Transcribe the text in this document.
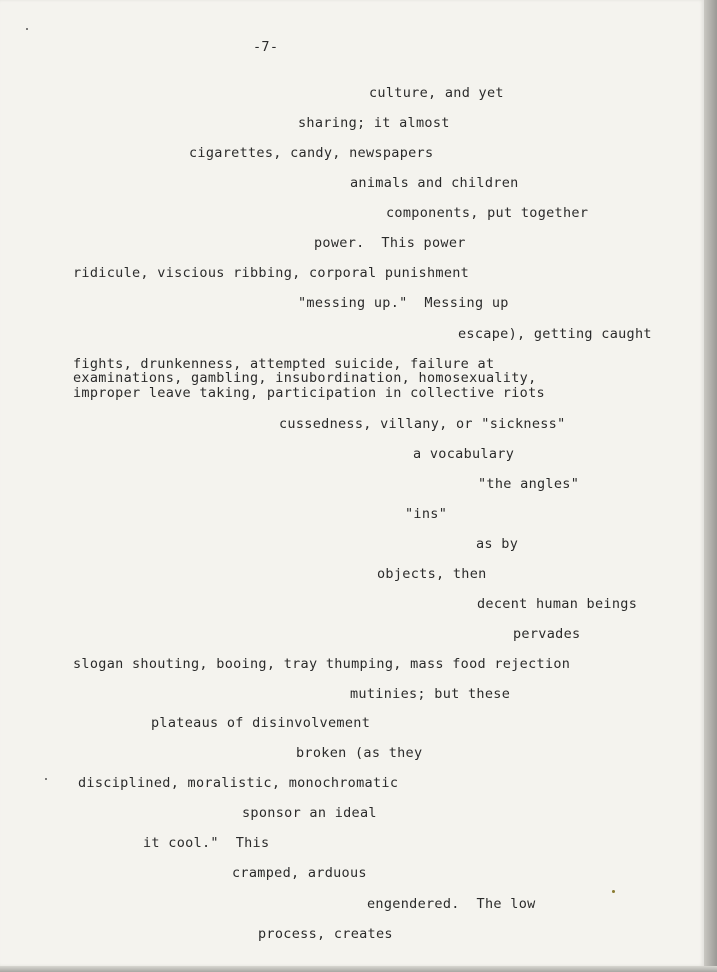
-7-
culture, and yet
sharing; it almost
cigarettes, candy, newspapers
animals and children
components, put together
power.  This power
ridicule, viscious ribbing, corporal punishment
"messing up."  Messing up
escape), getting caught
fights, drunkenness, attempted suicide, failure at
examinations, gambling, insubordination, homosexuality,
improper leave taking, participation in collective riots
cussedness, villany, or "sickness"
a vocabulary
"the angles"
"ins"
as by
objects, then
decent human beings
pervades
slogan shouting, booing, tray thumping, mass food rejection
mutinies; but these
plateaus of disinvolvement
broken (as they
disciplined, moralistic, monochromatic
sponsor an ideal
it cool."  This
cramped, arduous
engendered.  The low
process, creates
